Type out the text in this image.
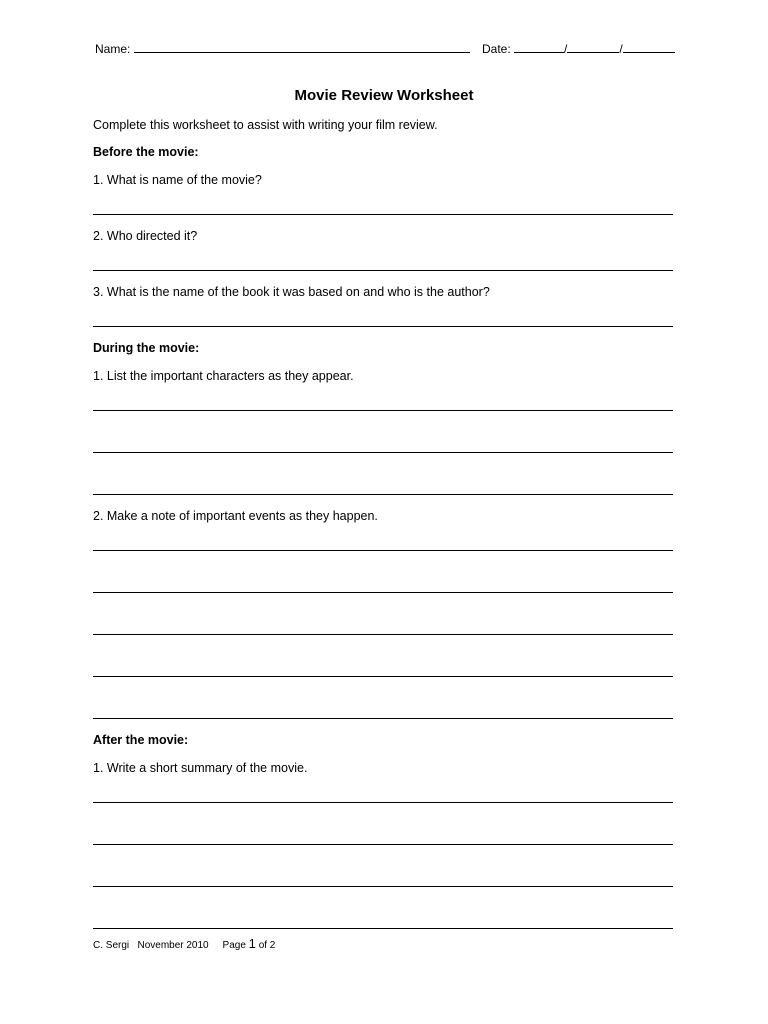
Name:	Date:	/	/
Movie Review Worksheet
Complete this worksheet to assist with writing your film review.
Before the movie:
1. What is name of the movie?
2. Who directed it?
3. What is the name of the book it was based on and who is the author?
During the movie:
1. List the important characters as they appear.
2. Make a note of important events as they happen.
After the movie:
1. Write a short summary of the movie.
C. Sergi November 2010 Page 1 of 2
